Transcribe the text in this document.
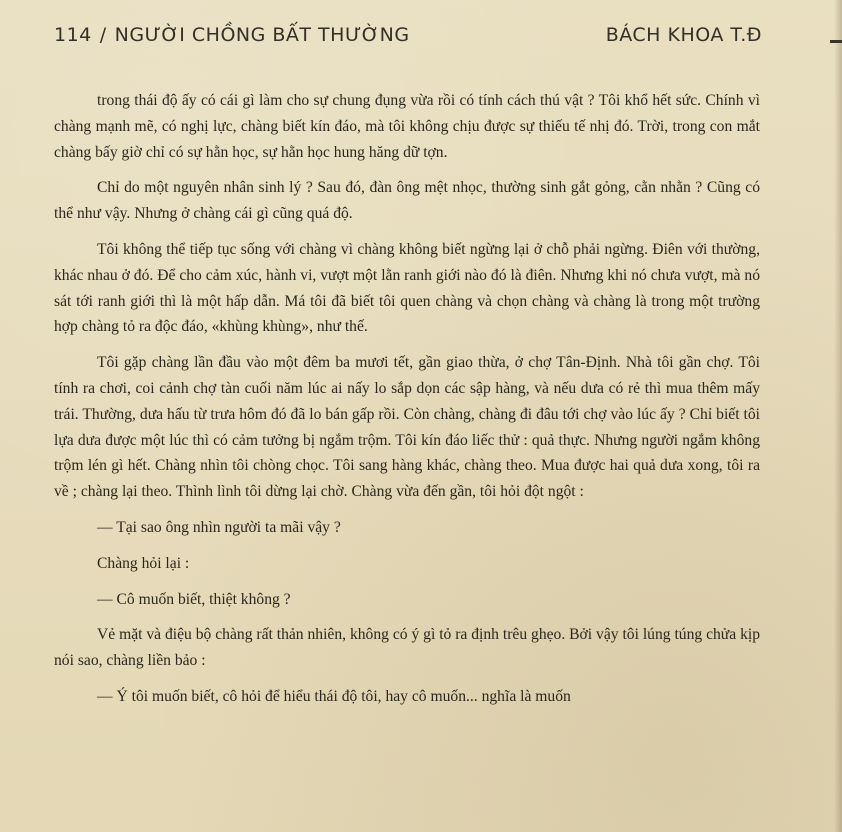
114 / NGƯỜI CHỒNG BẤT THƯỜNG	BÁCH KHOA T.Đ

trong thái độ ấy có cái gì làm cho sự chung đụng vừa rồi có tính cách thú vật ? Tôi khổ hết sức. Chính vì chàng mạnh mẽ, có nghị lực, chàng biết kín đáo, mà tôi không chịu được sự thiếu tế nhị đó. Trời, trong con mắt chàng bấy giờ chỉ có sự hằn học, sự hằn học hung hăng dữ tợn.

Chỉ do một nguyên nhân sinh lý ? Sau đó, đàn ông mệt nhọc, thường sinh gắt gỏng, cằn nhằn ? Cũng có thể như vậy. Nhưng ở chàng cái gì cũng quá độ.

Tôi không thể tiếp tục sống với chàng vì chàng không biết ngừng lại ở chỗ phải ngừng. Điên với thường, khác nhau ở đó. Để cho cảm xúc, hành vi, vượt một lằn ranh giới nào đó là điên. Nhưng khi nó chưa vượt, mà nó sát tới ranh giới thì là một hấp dẫn. Má tôi đã biết tôi quen chàng và chọn chàng và chàng là trong một trường hợp chàng tỏ ra độc đáo, «khùng khùng», như thế.

Tôi gặp chàng lần đầu vào một đêm ba mươi tết, gần giao thừa, ở chợ Tân-Định. Nhà tôi gần chợ. Tôi tính ra chơi, coi cảnh chợ tàn cuối năm lúc ai nấy lo sắp dọn các sập hàng, và nếu dưa có rẻ thì mua thêm mấy trái. Thường, dưa hấu từ trưa hôm đó đã lo bán gấp rồi. Còn chàng, chàng đi đâu tới chợ vào lúc ấy ? Chỉ biết tôi lựa dưa được một lúc thì có cảm tưởng bị ngắm trộm. Tôi kín đáo liếc thử : quả thực. Nhưng người ngắm không trộm lén gì hết. Chàng nhìn tôi chòng chọc. Tôi sang hàng khác, chàng theo. Mua được hai quả dưa xong, tôi ra về ; chàng lại theo. Thình lình tôi dừng lại chờ. Chàng vừa đến gần, tôi hỏi đột ngột :

— Tại sao ông nhìn người ta mãi vậy ?

Chàng hỏi lại :

— Cô muốn biết, thiệt không ?

Vẻ mặt và điệu bộ chàng rất thản nhiên, không có ý gì tỏ ra định trêu ghẹo. Bởi vậy tôi lúng túng chửa kịp nói sao, chàng liền bảo :

— Ý tôi muốn biết, cô hỏi để hiểu thái độ tôi, hay cô muốn... nghĩa là muốn
